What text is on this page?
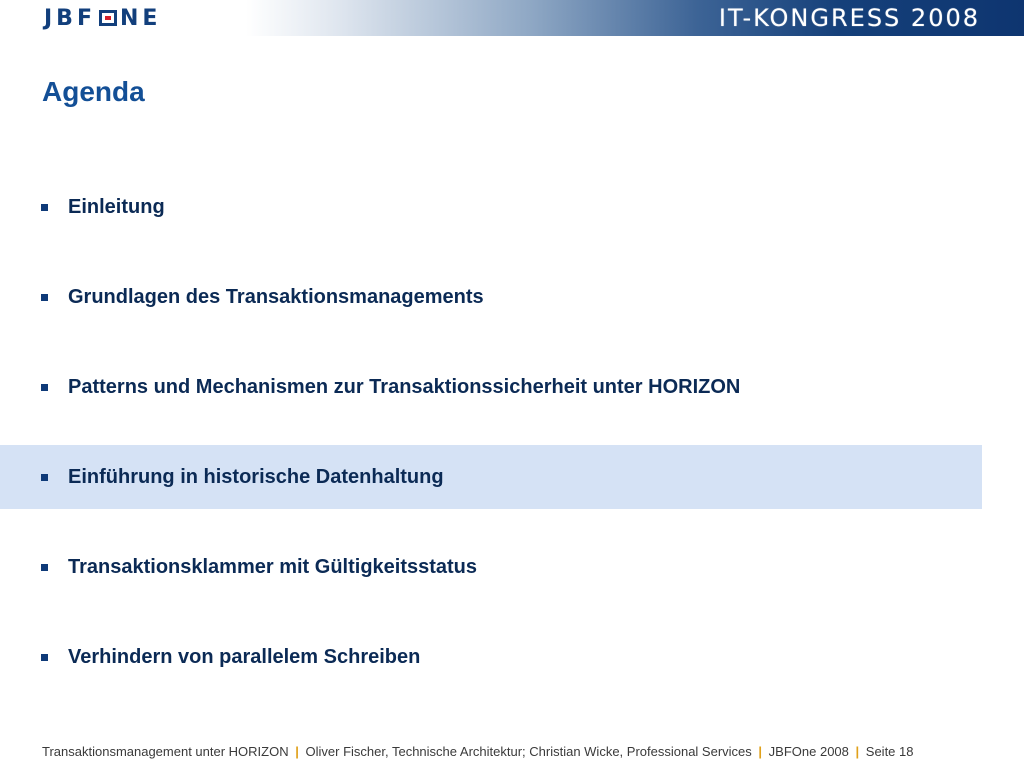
JBF NE	IT-KONGRESS 2008
Agenda
Einleitung
Grundlagen des Transaktionsmanagements
Patterns und Mechanismen zur Transaktionssicherheit unter HORIZON
Einführung in historische Datenhaltung
Transaktionsklammer mit Gültigkeitsstatus
Verhindern von parallelem Schreiben
Transaktionsmanagement unter HORIZON | Oliver Fischer, Technische Architektur; Christian Wicke, Professional Services | JBFOne 2008 | Seite 18
